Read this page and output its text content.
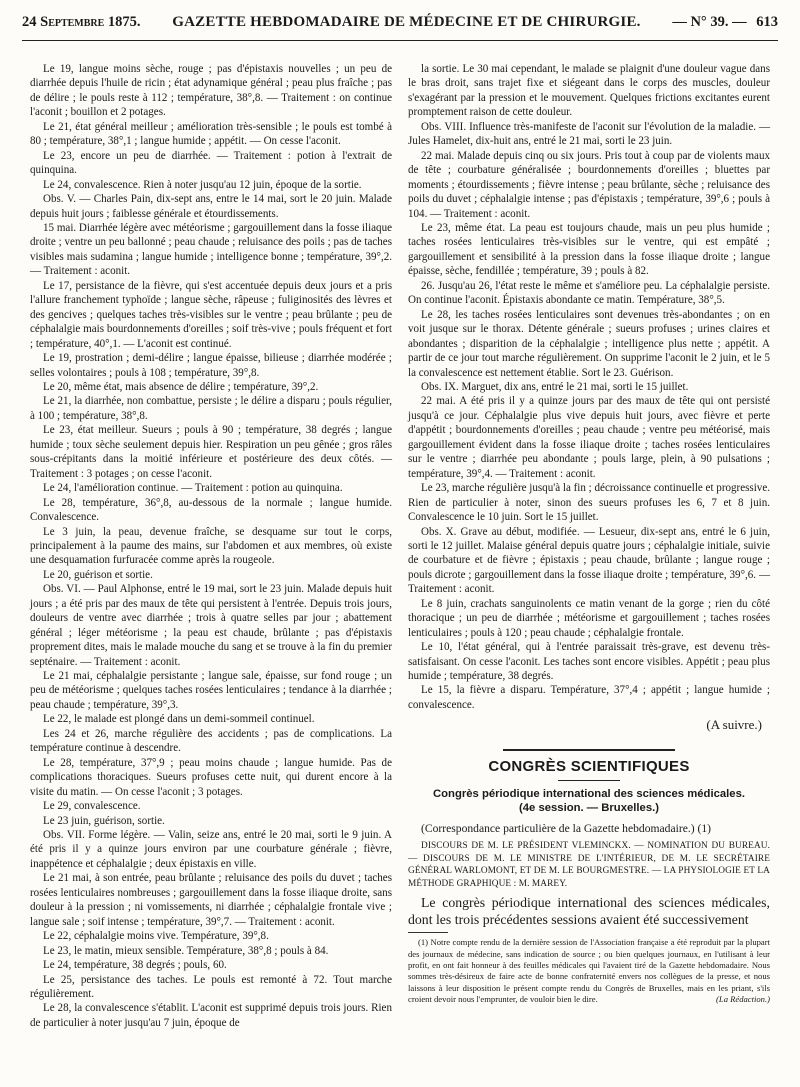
24 Septembre 1875. GAZETTE HEBDOMADAIRE DE MÉDECINE ET DE CHIRURGIE. — N° 39. — 613

Le 19, langue moins sèche, rouge ; pas d'épistaxis nouvelles ; un peu de diarrhée depuis l'huile de ricin ; état adynamique général ; peau plus fraîche ; pas de délire ; le pouls reste à 112 ; température, 38°,8. — Traitement : on continue l'aconit ; bouillon et 2 potages.

Le 21, état général meilleur ; amélioration très-sensible ; le pouls est tombé à 80 ; température, 38°,1 ; langue humide ; appétit. — On cesse l'aconit.

Le 23, encore un peu de diarrhée. — Traitement : potion à l'extrait de quinquina.

Le 24, convalescence. Rien à noter jusqu'au 12 juin, époque de la sortie.

Obs. V. — Charles Pain, dix-sept ans, entre le 14 mai, sort le 20 juin. Malade depuis huit jours ; faiblesse générale et étourdissements.

15 mai. Diarrhée légère avec météorisme ; gargouillement dans la fosse iliaque droite ; ventre un peu ballonné ; peau chaude ; reluisance des poils ; pas de taches visibles mais sudamina ; langue humide ; intelligence bonne ; température, 39°,2. — Traitement : aconit.

Le 17, persistance de la fièvre, qui s'est accentuée depuis deux jours et a pris l'allure franchement typhoïde ; langue sèche, râpeuse ; fuliginosités des lèvres et des gencives ; quelques taches très-visibles sur le ventre ; peau brûlante ; peu de céphalalgie mais bourdonnements d'oreilles ; soif très-vive ; pouls fréquent et fort ; température, 40°,1. — L'aconit est continué.

Le 19, prostration ; demi-délire ; langue épaisse, bilieuse ; diarrhée modérée ; selles volontaires ; pouls à 108 ; température, 39°,8.

Le 20, même état, mais absence de délire ; température, 39°,2.

Le 21, la diarrhée, non combattue, persiste ; le délire a disparu ; pouls régulier, à 100 ; température, 38°,8.

Le 23, état meilleur. Sueurs ; pouls à 90 ; température, 38 degrés ; langue humide ; toux sèche seulement depuis hier. Respiration un peu gênée ; gros râles sous-crépitants dans la moitié inférieure et postérieure des deux côtés. — Traitement : 3 potages ; on cesse l'aconit.

Le 24, l'amélioration continue. — Traitement : potion au quinquina.

Le 28, température, 36°,8, au-dessous de la normale ; langue humide. Convalescence.

Le 3 juin, la peau, devenue fraîche, se desquame sur tout le corps, principalement à la paume des mains, sur l'abdomen et aux membres, où existe une desquamation furfuracée comme après la rougeole.

Le 20, guérison et sortie.

Obs. VI. — Paul Alphonse, entré le 19 mai, sort le 23 juin. Malade depuis huit jours ; a été pris par des maux de tête qui persistent à l'entrée. Depuis trois jours, douleurs de ventre avec diarrhée ; trois à quatre selles par jour ; abattement général ; léger météorisme ; la peau est chaude, brûlante ; pas d'épistaxis proprement dites, mais le malade mouche du sang et se trouve à la fin du premier septénaire. — Traitement : aconit.

Le 21 mai, céphalalgie persistante ; langue sale, épaisse, sur fond rouge ; un peu de météorisme ; quelques taches rosées lenticulaires ; tendance à la diarrhée ; peau chaude ; température, 39°,3.

Le 22, le malade est plongé dans un demi-sommeil continuel.

Les 24 et 26, marche régulière des accidents ; pas de complications. La température continue à descendre.

Le 28, température, 37°,9 ; peau moins chaude ; langue humide. Pas de complications thoraciques. Sueurs profuses cette nuit, qui durent encore à la visite du matin. — On cesse l'aconit ; 3 potages.

Le 29, convalescence.

Le 23 juin, guérison, sortie.

Obs. VII. Forme légère. — Valin, seize ans, entré le 20 mai, sorti le 9 juin. A été pris il y a quinze jours environ par une courbature générale ; fièvre, inappétence et céphalalgie ; deux épistaxis en ville.

Le 21 mai, à son entrée, peau brûlante ; reluisance des poils du duvet ; taches rosées lenticulaires nombreuses ; gargouillement dans la fosse iliaque droite, sans douleur à la pression ; ni vomissements, ni diarrhée ; céphalalgie frontale vive ; langue sale ; soif intense ; température, 39°,7. — Traitement : aconit.

Le 22, céphalalgie moins vive. Température, 39°,8.

Le 23, le matin, mieux sensible. Température, 38°,8 ; pouls à 84.

Le 24, température, 38 degrés ; pouls, 60.

Le 25, persistance des taches. Le pouls est remonté à 72. Tout marche régulièrement.

Le 28, la convalescence s'établit. L'aconit est supprimé depuis trois jours. Rien de particulier à noter jusqu'au 7 juin, époque de

la sortie. Le 30 mai cependant, le malade se plaignit d'une douleur vague dans le bras droit, sans trajet fixe et siégeant dans le corps des muscles, douleur s'exagérant par la pression et le mouvement. Quelques frictions excitantes eurent promptement raison de cette douleur.

Obs. VIII. Influence très-manifeste de l'aconit sur l'évolution de la maladie. — Jules Hamelet, dix-huit ans, entré le 21 mai, sorti le 23 juin.

22 mai. Malade depuis cinq ou six jours. Pris tout à coup par de violents maux de tête ; courbature généralisée ; bourdonnements d'oreilles ; bluettes par moments ; étourdissements ; fièvre intense ; peau brûlante, sèche ; reluisance des poils du duvet ; céphalalgie intense ; pas d'épistaxis ; température, 39°,6 ; pouls à 104. — Traitement : aconit.

Le 23, même état. La peau est toujours chaude, mais un peu plus humide ; taches rosées lenticulaires très-visibles sur le ventre, qui est empâté ; gargouillement et sensibilité à la pression dans la fosse iliaque droite ; langue épaisse, sèche, fendillée ; température, 39 ; pouls à 82.

26. Jusqu'au 26, l'état reste le même et s'améliore peu. La céphalalgie persiste. On continue l'aconit. Épistaxis abondante ce matin. Température, 38°,5.

Le 28, les taches rosées lenticulaires sont devenues très-abondantes ; on en voit jusque sur le thorax. Détente générale ; sueurs profuses ; urines claires et abondantes ; disparition de la céphalalgie ; intelligence plus nette ; appétit. A partir de ce jour tout marche régulièrement. On supprime l'aconit le 2 juin, et le 5 la convalescence est nettement établie. Sort le 23. Guérison.

Obs. IX. Marguet, dix ans, entré le 21 mai, sorti le 15 juillet.

22 mai. A été pris il y a quinze jours par des maux de tête qui ont persisté jusqu'à ce jour. Céphalalgie plus vive depuis huit jours, avec fièvre et perte d'appétit ; bourdonnements d'oreilles ; peau chaude ; ventre peu météorisé, mais gargouillement évident dans la fosse iliaque droite ; taches rosées lenticulaires sur le ventre ; diarrhée peu abondante ; pouls large, plein, à 90 pulsations ; température, 39°,4. — Traitement : aconit.

Le 23, marche régulière jusqu'à la fin ; décroissance continuelle et progressive. Rien de particulier à noter, sinon des sueurs profuses les 6, 7 et 8 juin. Convalescence le 10 juin. Sort le 15 juillet.

Obs. X. Grave au début, modifiée. — Lesueur, dix-sept ans, entré le 6 juin, sorti le 12 juillet. Malaise général depuis quatre jours ; céphalalgie initiale, suivie de courbature et de fièvre ; épistaxis ; peau chaude, brûlante ; langue rouge ; pouls dicrote ; gargouillement dans la fosse iliaque droite ; température, 39°,6. — Traitement : aconit.

Le 8 juin, crachats sanguinolents ce matin venant de la gorge ; rien du côté thoracique ; un peu de diarrhée ; météorisme et gargouillement ; taches rosées lenticulaires ; pouls à 120 ; peau chaude ; céphalalgie frontale.

Le 10, l'état général, qui à l'entrée paraissait très-grave, est devenu très-satisfaisant. On cesse l'aconit. Les taches sont encore visibles. Appétit ; peau plus humide ; température, 38 degrés.

Le 15, la fièvre a disparu. Température, 37°,4 ; appétit ; langue humide ; convalescence.

(A suivre.)

CONGRÈS SCIENTIFIQUES
Congrès périodique international des sciences médicales.
(4e session. — Bruxelles.)

(Correspondance particulière de la Gazette hebdomadaire.) (1)

DISCOURS DE M. LE PRÉSIDENT VLEMINCKX. — NOMINATION DU BUREAU. — DISCOURS DE M. LE MINISTRE DE L'INTÉRIEUR, DE M. LE SECRÉTAIRE GÉNÉRAL WARLOMONT, ET DE M. LE BOURGMESTRE. — LA PHYSIOLOGIE ET LA MÉTHODE GRAPHIQUE : M. MAREY.

Le congrès périodique international des sciences médicales, dont les trois précédentes sessions avaient été successivement

(1) Notre compte rendu de la dernière session de l'Association française a été reproduit par la plupart des journaux de médecine, sans indication de source ; ou bien quelques journaux, en l'utilisant à leur profit, en ont fait honneur à des feuilles médicales qui l'avaient tiré de la Gazette hebdomadaire. Nous sommes très-désireux de faire acte de bonne confraternité envers nos collègues de la presse, et nous laissons à leur disposition le présent compte rendu du Congrès de Bruxelles, mais en les priant, s'ils croient devoir nous l'emprunter, de vouloir bien le dire.	(La Rédaction.)
